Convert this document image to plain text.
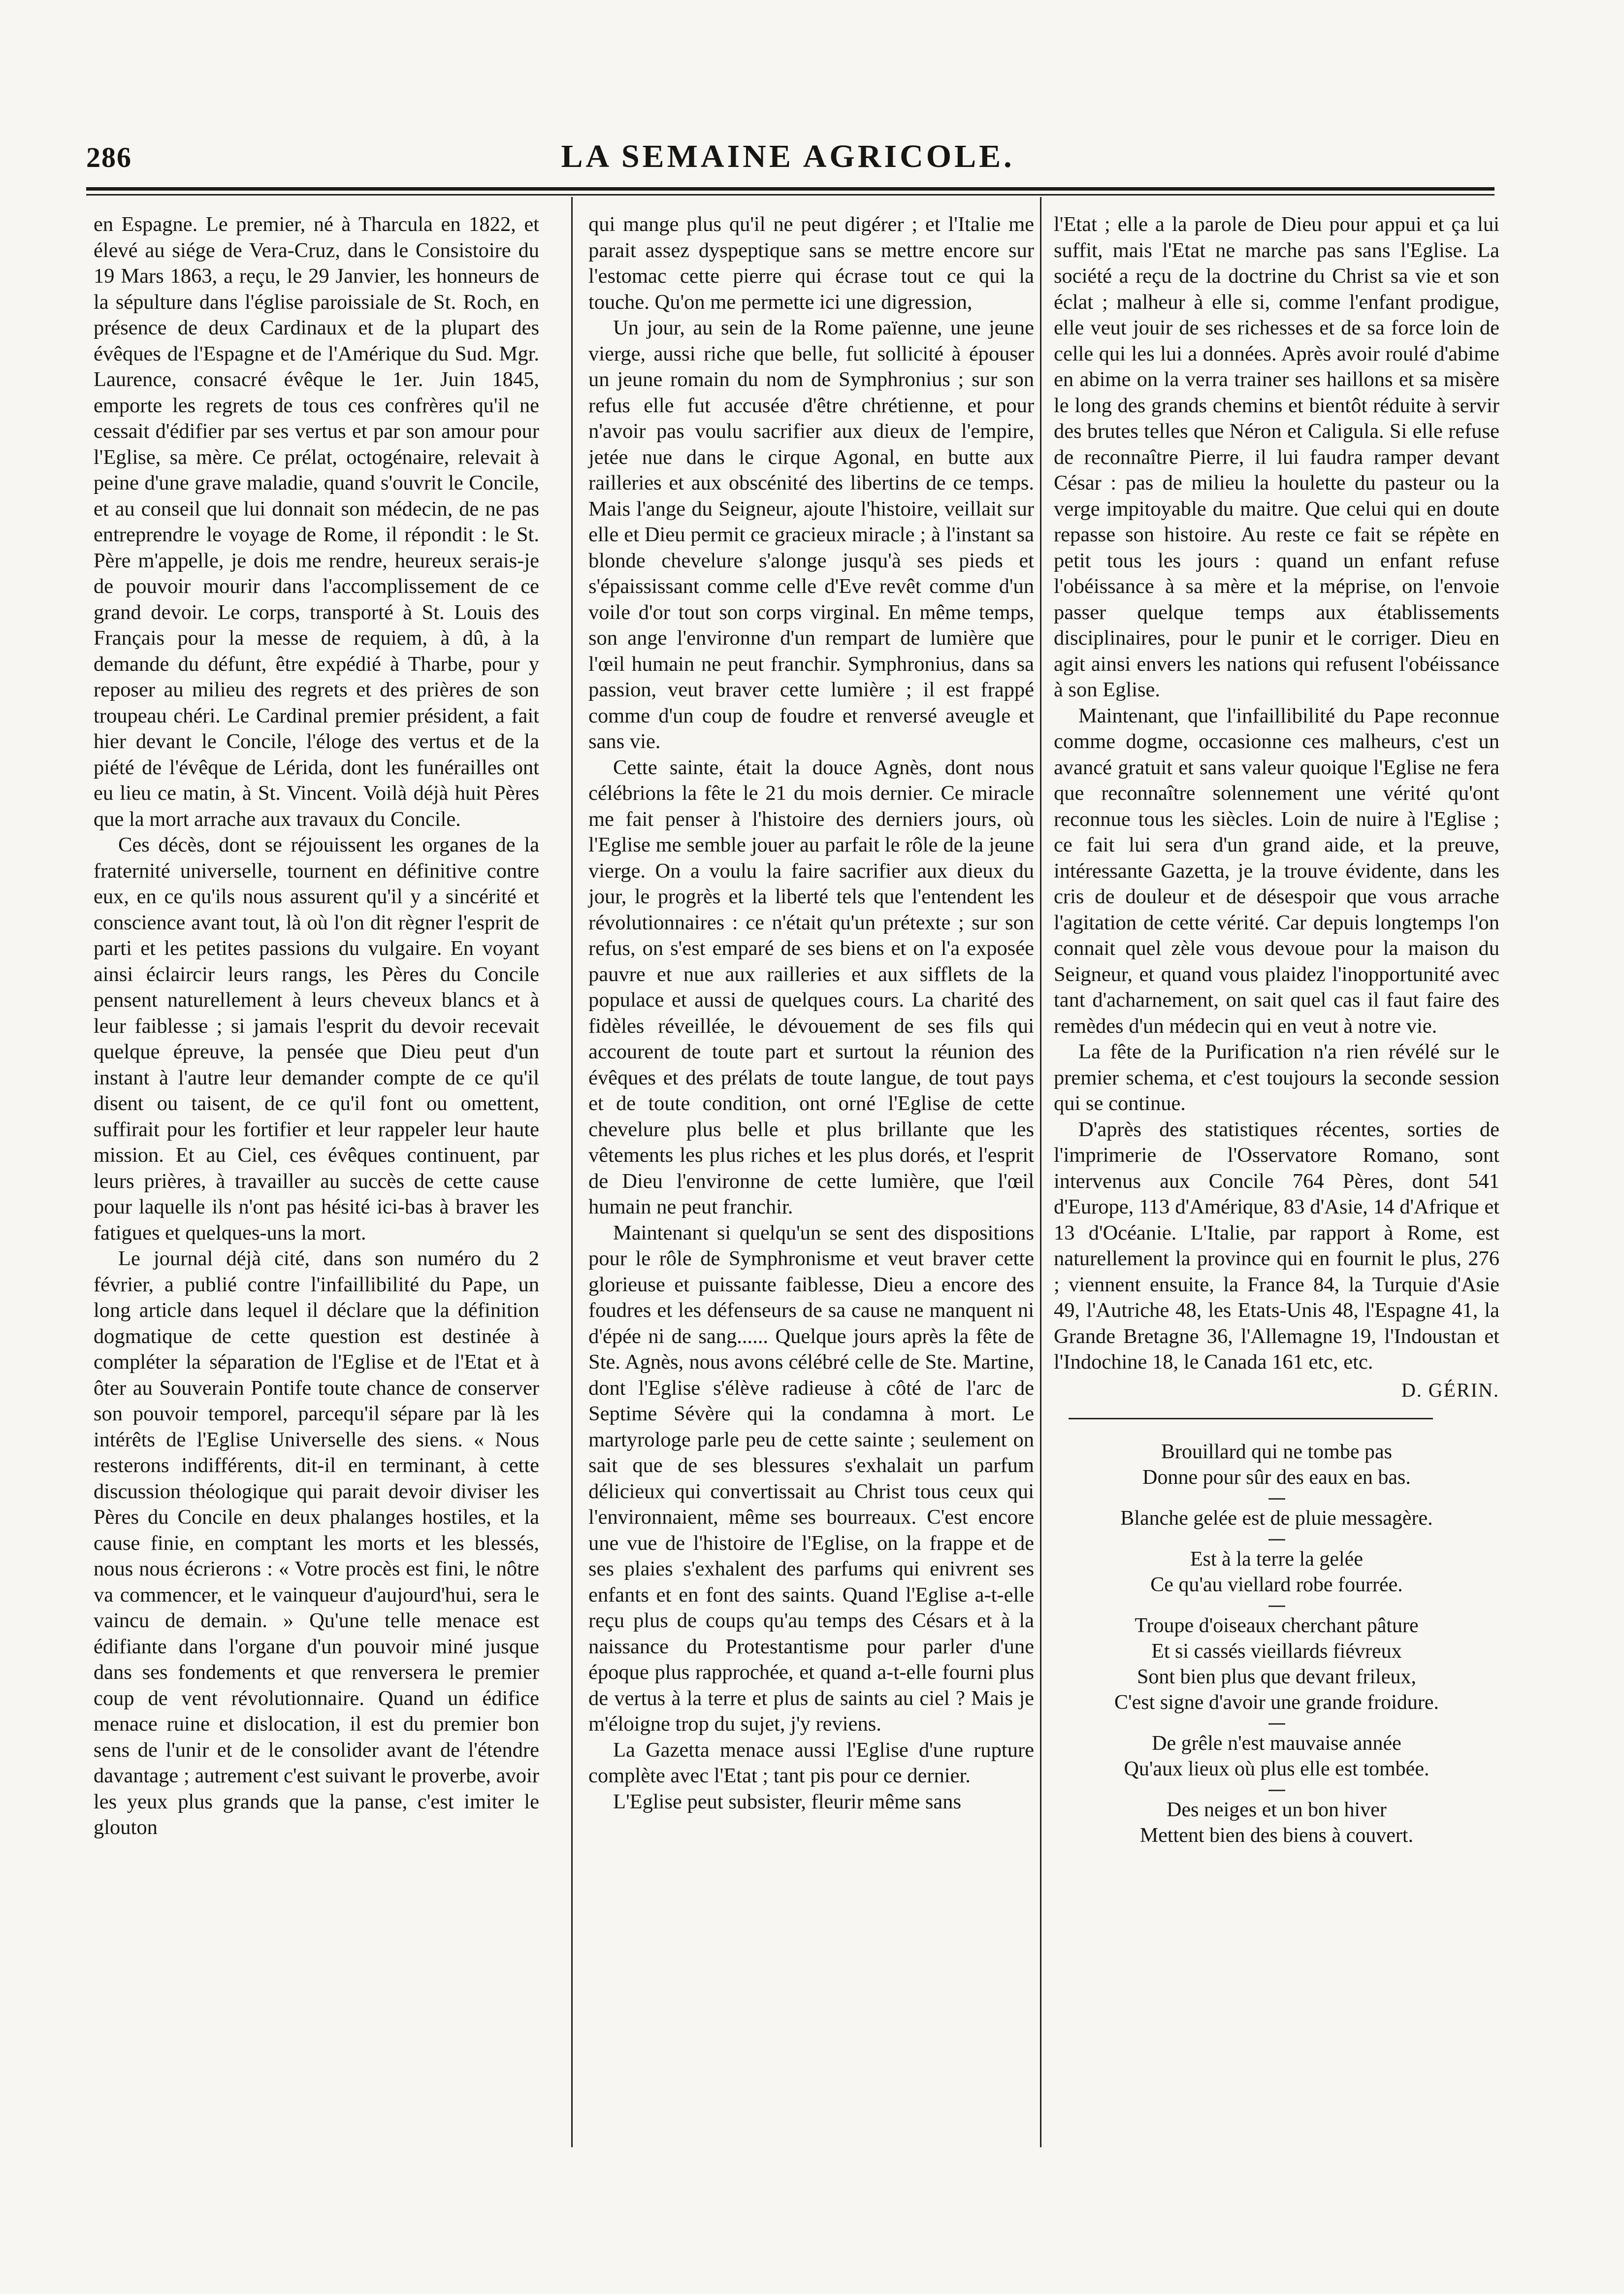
286	LA SEMAINE AGRICOLE.

en Espagne. Le premier, né à Tharcula en 1822, et élevé au siége de Vera-Cruz, dans le Consistoire du 19 Mars 1863, a reçu, le 29 Janvier, les honneurs de la sépulture dans l'église paroissiale de St. Roch, en présence de deux Cardinaux et de la plupart des évêques de l'Espagne et de l'Amérique du Sud. Mgr. Laurence, consacré évêque le 1er. Juin 1845, emporte les regrets de tous ces confrères qu'il ne cessait d'édifier par ses vertus et par son amour pour l'Eglise, sa mère. Ce prélat, octogénaire, relevait à peine d'une grave maladie, quand s'ouvrit le Concile, et au conseil que lui donnait son médecin, de ne pas entreprendre le voyage de Rome, il répondit : le St. Père m'appelle, je dois me rendre, heureux serais-je de pouvoir mourir dans l'accomplissement de ce grand devoir. Le corps, transporté à St. Louis des Français pour la messe de requiem, à dû, à la demande du défunt, être expédié à Tharbe, pour y reposer au milieu des regrets et des prières de son troupeau chéri. Le Cardinal premier président, a fait hier devant le Concile, l'éloge des vertus et de la piété de l'évêque de Lérida, dont les funérailles ont eu lieu ce matin, à St. Vincent. Voilà déjà huit Pères que la mort arrache aux travaux du Concile.

Ces décès, dont se réjouissent les organes de la fraternité universelle, tournent en définitive contre eux, en ce qu'ils nous assurent qu'il y a sincérité et conscience avant tout, là où l'on dit règner l'esprit de parti et les petites passions du vulgaire. En voyant ainsi éclaircir leurs rangs, les Pères du Concile pensent naturellement à leurs cheveux blancs et à leur faiblesse ; si jamais l'esprit du devoir recevait quelque épreuve, la pensée que Dieu peut d'un instant à l'autre leur demander compte de ce qu'il disent ou taisent, de ce qu'il font ou omettent, suffirait pour les fortifier et leur rappeler leur haute mission. Et au Ciel, ces évêques continuent, par leurs prières, à travailler au succès de cette cause pour laquelle ils n'ont pas hésité ici-bas à braver les fatigues et quelques-uns la mort.

Le journal déjà cité, dans son numéro du 2 février, a publié contre l'infaillibilité du Pape, un long article dans lequel il déclare que la définition dogmatique de cette question est destinée à compléter la séparation de l'Eglise et de l'Etat et à ôter au Souverain Pontife toute chance de conserver son pouvoir temporel, parcequ'il sépare par là les intérêts de l'Eglise Universelle des siens. « Nous resterons indifférents, dit-il en terminant, à cette discussion théologique qui parait devoir diviser les Pères du Concile en deux phalanges hostiles, et la cause finie, en comptant les morts et les blessés, nous nous écrierons : « Votre procès est fini, le nôtre va commencer, et le vainqueur d'aujourd'hui, sera le vaincu de demain. » Qu'une telle menace est édifiante dans l'organe d'un pouvoir miné jusque dans ses fondements et que renversera le premier coup de vent révolutionnaire. Quand un édifice menace ruine et dislocation, il est du premier bon sens de l'unir et de le consolider avant de l'étendre davantage ; autrement c'est suivant le proverbe, avoir les yeux plus grands que la panse, c'est imiter le glouton

qui mange plus qu'il ne peut digérer ; et l'Italie me parait assez dyspeptique sans se mettre encore sur l'estomac cette pierre qui écrase tout ce qui la touche. Qu'on me permette ici une digression,

Un jour, au sein de la Rome païenne, une jeune vierge, aussi riche que belle, fut sollicité à épouser un jeune romain du nom de Symphronius ; sur son refus elle fut accusée d'être chrétienne, et pour n'avoir pas voulu sacrifier aux dieux de l'empire, jetée nue dans le cirque Agonal, en butte aux railleries et aux obscénité des libertins de ce temps. Mais l'ange du Seigneur, ajoute l'histoire, veillait sur elle et Dieu permit ce gracieux miracle ; à l'instant sa blonde chevelure s'alonge jusqu'à ses pieds et s'épaississant comme celle d'Eve revêt comme d'un voile d'or tout son corps virginal. En même temps, son ange l'environne d'un rempart de lumière que l'œil humain ne peut franchir. Symphronius, dans sa passion, veut braver cette lumière ; il est frappé comme d'un coup de foudre et renversé aveugle et sans vie.

Cette sainte, était la douce Agnès, dont nous célébrions la fête le 21 du mois dernier. Ce miracle me fait penser à l'histoire des derniers jours, où l'Eglise me semble jouer au parfait le rôle de la jeune vierge. On a voulu la faire sacrifier aux dieux du jour, le progrès et la liberté tels que l'entendent les révolutionnaires : ce n'était qu'un prétexte ; sur son refus, on s'est emparé de ses biens et on l'a exposée pauvre et nue aux railleries et aux sifflets de la populace et aussi de quelques cours. La charité des fidèles réveillée, le dévouement de ses fils qui accourent de toute part et surtout la réunion des évêques et des prélats de toute langue, de tout pays et de toute condition, ont orné l'Eglise de cette chevelure plus belle et plus brillante que les vêtements les plus riches et les plus dorés, et l'esprit de Dieu l'environne de cette lumière, que l'œil humain ne peut franchir.

Maintenant si quelqu'un se sent des dispositions pour le rôle de Symphronisme et veut braver cette glorieuse et puissante faiblesse, Dieu a encore des foudres et les défenseurs de sa cause ne manquent ni d'épée ni de sang...... Quelque jours après la fête de Ste. Agnès, nous avons célébré celle de Ste. Martine, dont l'Eglise s'élève radieuse à côté de l'arc de Septime Sévère qui la condamna à mort. Le martyrologe parle peu de cette sainte ; seulement on sait que de ses blessures s'exhalait un parfum délicieux qui convertissait au Christ tous ceux qui l'environnaient, même ses bourreaux. C'est encore une vue de l'histoire de l'Eglise, on la frappe et de ses plaies s'exhalent des parfums qui enivrent ses enfants et en font des saints. Quand l'Eglise a-t-elle reçu plus de coups qu'au temps des Césars et à la naissance du Protestantisme pour parler d'une époque plus rapprochée, et quand a-t-elle fourni plus de vertus à la terre et plus de saints au ciel ? Mais je m'éloigne trop du sujet, j'y reviens.

La Gazetta menace aussi l'Eglise d'une rupture complète avec l'Etat ; tant pis pour ce dernier.

L'Eglise peut subsister, fleurir même sans

l'Etat ; elle a la parole de Dieu pour appui et ça lui suffit, mais l'Etat ne marche pas sans l'Eglise. La société a reçu de la doctrine du Christ sa vie et son éclat ; malheur à elle si, comme l'enfant prodigue, elle veut jouir de ses richesses et de sa force loin de celle qui les lui a données. Après avoir roulé d'abime en abime on la verra trainer ses haillons et sa misère le long des grands chemins et bientôt réduite à servir des brutes telles que Néron et Caligula. Si elle refuse de reconnaître Pierre, il lui faudra ramper devant César : pas de milieu la houlette du pasteur ou la verge impitoyable du maitre. Que celui qui en doute repasse son histoire. Au reste ce fait se répète en petit tous les jours : quand un enfant refuse l'obéissance à sa mère et la méprise, on l'envoie passer quelque temps aux établissements disciplinaires, pour le punir et le corriger. Dieu en agit ainsi envers les nations qui refusent l'obéissance à son Eglise.

Maintenant, que l'infaillibilité du Pape reconnue comme dogme, occasionne ces malheurs, c'est un avancé gratuit et sans valeur quoique l'Eglise ne fera que reconnaître solennement une vérité qu'ont reconnue tous les siècles. Loin de nuire à l'Eglise ; ce fait lui sera d'un grand aide, et la preuve, intéressante Gazetta, je la trouve évidente, dans les cris de douleur et de désespoir que vous arrache l'agitation de cette vérité. Car depuis longtemps l'on connait quel zèle vous devoue pour la maison du Seigneur, et quand vous plaidez l'inopportunité avec tant d'acharnement, on sait quel cas il faut faire des remèdes d'un médecin qui en veut à notre vie.

La fête de la Purification n'a rien révélé sur le premier schema, et c'est toujours la seconde session qui se continue.

D'après des statistiques récentes, sorties de l'imprimerie de l'Osservatore Romano, sont intervenus aux Concile 764 Pères, dont 541 d'Europe, 113 d'Amérique, 83 d'Asie, 14 d'Afrique et 13 d'Océanie. L'Italie, par rapport à Rome, est naturellement la province qui en fournit le plus, 276 ; viennent ensuite, la France 84, la Turquie d'Asie 49, l'Autriche 48, les Etats-Unis 48, l'Espagne 41, la Grande Bretagne 36, l'Allemagne 19, l'Indoustan et l'Indochine 18, le Canada 161 etc, etc.

D. GÉRIN.
Brouillard qui ne tombe pas
Donne pour sûr des eaux en bas.
Blanche gelée est de pluie messagère.
Est à la terre la gelée
Ce qu'au viellard robe fourrée.
Troupe d'oiseaux cherchant pâture
Et si cassés vieillards fiévreux
Sont bien plus que devant frileux,
C'est signe d'avoir une grande froidure.
De grêle n'est mauvaise année
Qu'aux lieux où plus elle est tombée.
Des neiges et un bon hiver
Mettent bien des biens à couvert.
